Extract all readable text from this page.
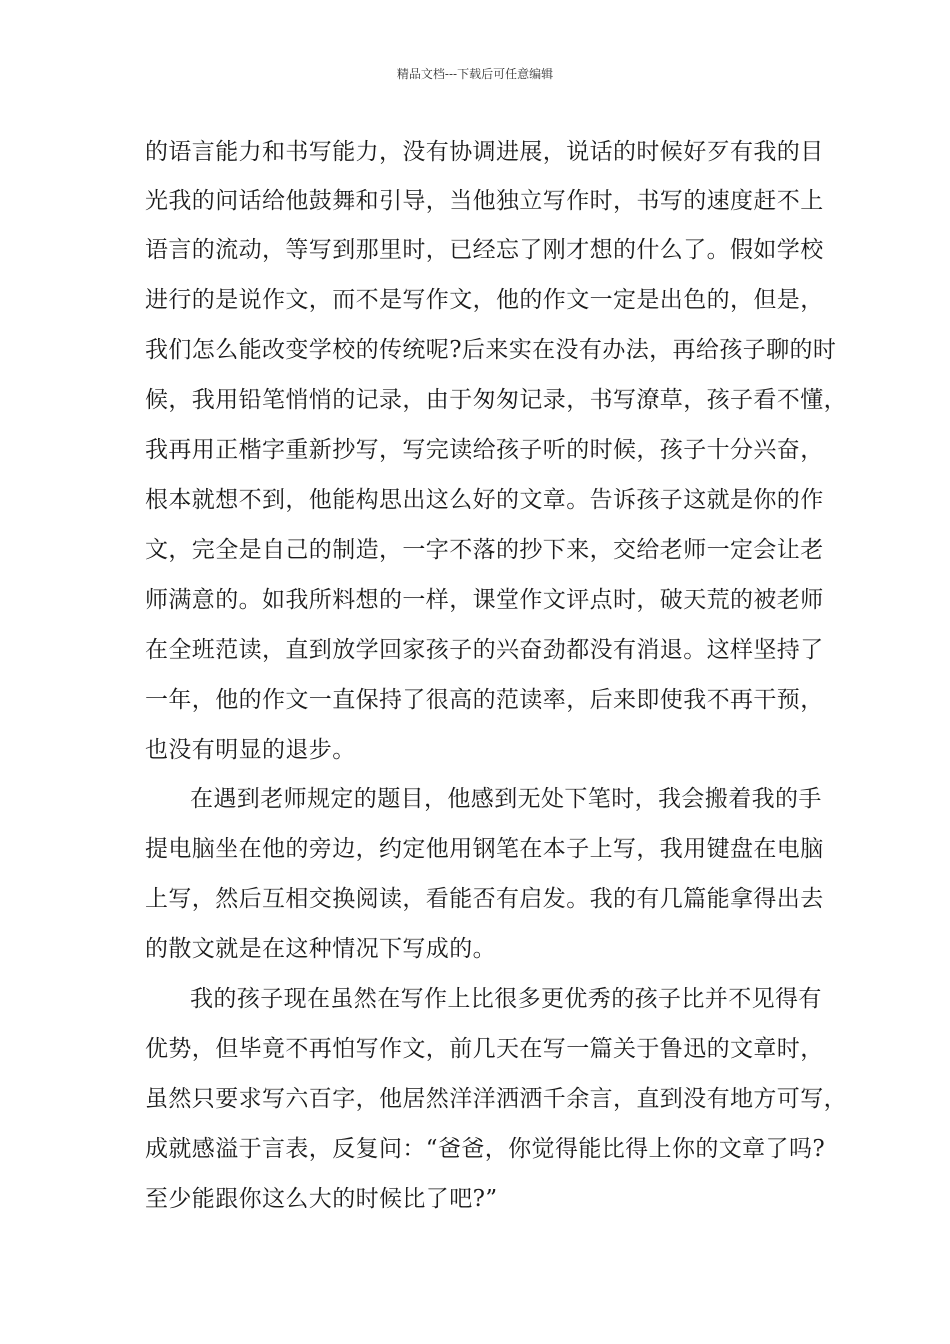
精品文档---下载后可任意编辑
的语言能力和书写能力，没有协调进展，说话的时候好歹有我的目
光我的问话给他鼓舞和引导，当他独立写作时，书写的速度赶不上
语言的流动，等写到那里时，已经忘了刚才想的什么了。假如学校
进行的是说作文，而不是写作文，他的作文一定是出色的，但是，
我们怎么能改变学校的传统呢?后来实在没有办法，再给孩子聊的时
候，我用铅笔悄悄的记录，由于匆匆记录，书写潦草，孩子看不懂，
我再用正楷字重新抄写，写完读给孩子听的时候，孩子十分兴奋，
根本就想不到，他能构思出这么好的文章。告诉孩子这就是你的作
文，完全是自己的制造，一字不落的抄下来，交给老师一定会让老
师满意的。如我所料想的一样，课堂作文评点时，破天荒的被老师
在全班范读，直到放学回家孩子的兴奋劲都没有消退。这样坚持了
一年，他的作文一直保持了很高的范读率，后来即使我不再干预，
也没有明显的退步。
在遇到老师规定的题目，他感到无处下笔时，我会搬着我的手
提电脑坐在他的旁边，约定他用钢笔在本子上写，我用键盘在电脑
上写，然后互相交换阅读，看能否有启发。我的有几篇能拿得出去
的散文就是在这种情况下写成的。
我的孩子现在虽然在写作上比很多更优秀的孩子比并不见得有
优势，但毕竟不再怕写作文，前几天在写一篇关于鲁迅的文章时，
虽然只要求写六百字，他居然洋洋洒洒千余言，直到没有地方可写，
成就感溢于言表，反复问：“爸爸，你觉得能比得上你的文章了吗?
至少能跟你这么大的时候比了吧?”
